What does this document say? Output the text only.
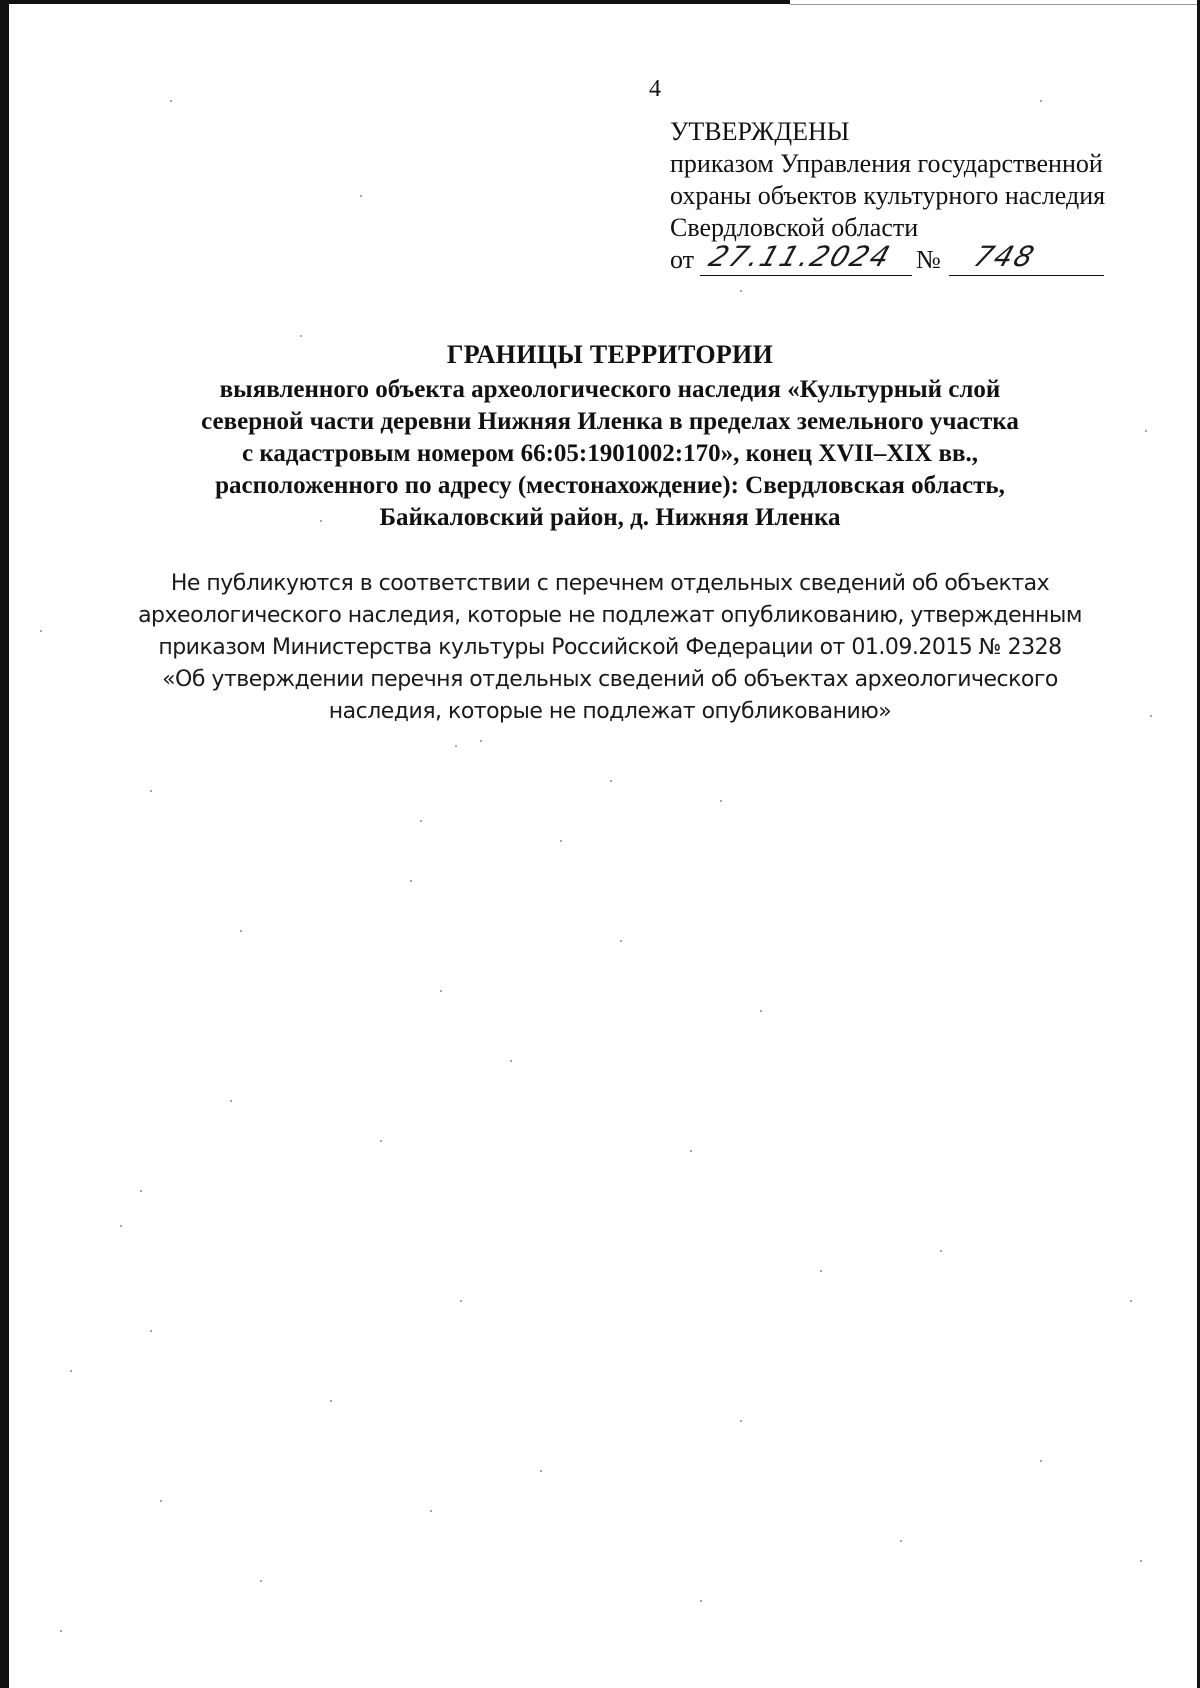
4
УТВЕРЖДЕНЫ
приказом Управления государственной
охраны объектов культурного наследия
Свердловской области
от 27.11.2024 № 748
ГРАНИЦЫ ТЕРРИТОРИИ
выявленного объекта археологического наследия «Культурный слой
северной части деревни Нижняя Иленка в пределах земельного участка
с кадастровым номером 66:05:1901002:170», конец XVII–XIX вв.,
расположенного по адресу (местонахождение): Свердловская область,
Байкаловский район, д. Нижняя Иленка
Не публикуются в соответствии с перечнем отдельных сведений об объектах
археологического наследия, которые не подлежат опубликованию, утвержденным
приказом Министерства культуры Российской Федерации от 01.09.2015 № 2328
«Об утверждении перечня отдельных сведений об объектах археологического
наследия, которые не подлежат опубликованию»
